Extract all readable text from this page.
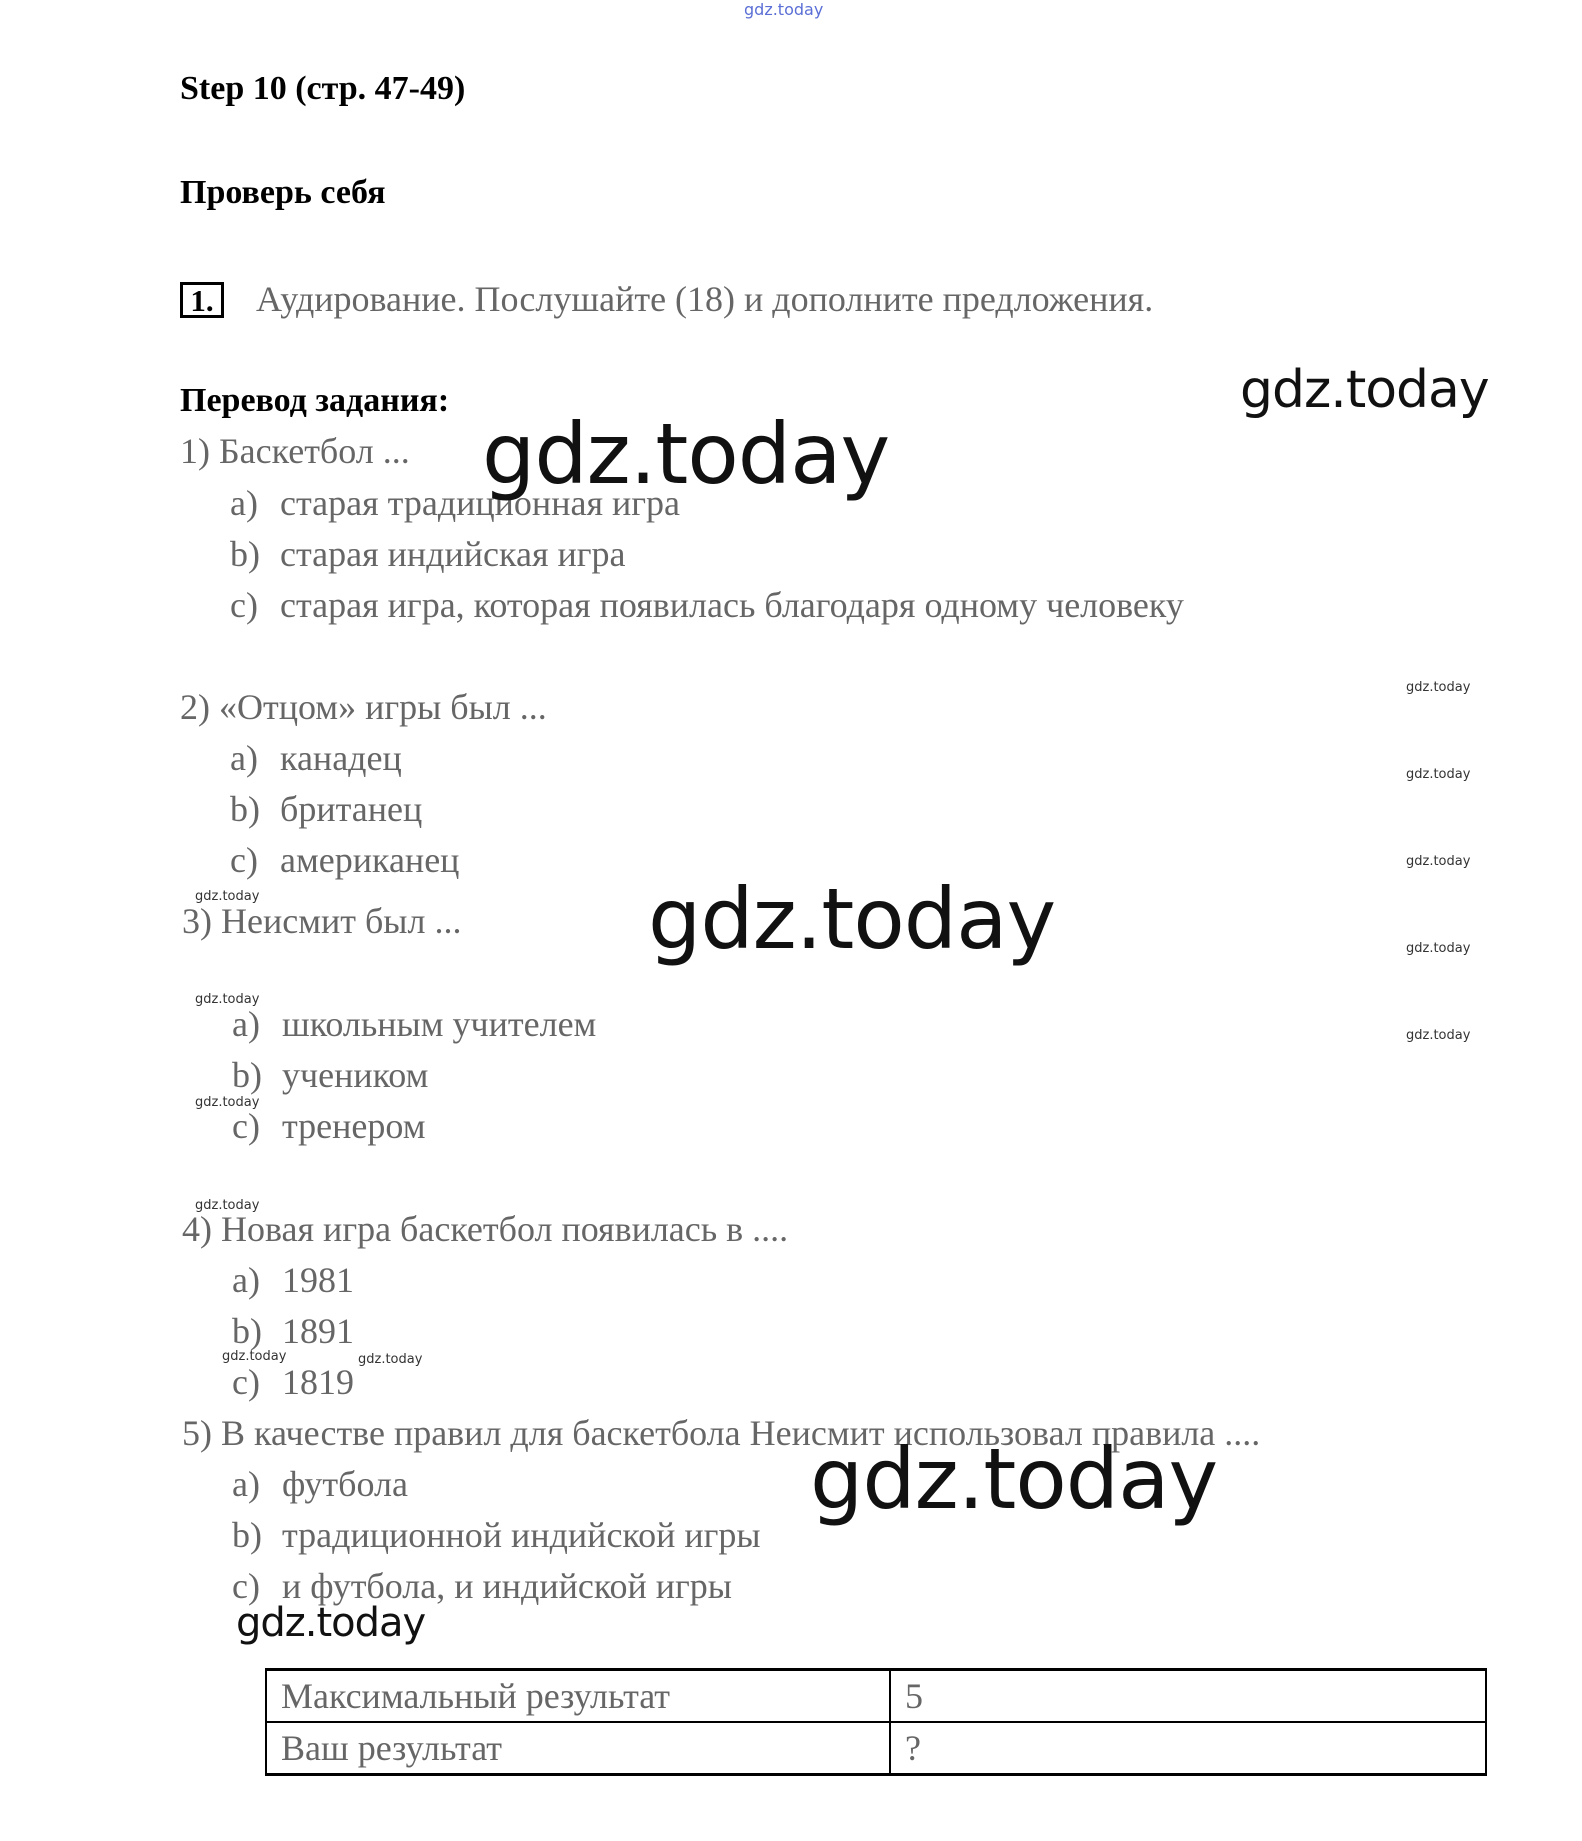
gdz.today
Step 10 (стр. 47-49)
Проверь себя
1. Аудирование. Послушайте (18) и дополните предложения.
Перевод задания:
1) Баскетбол ...
a) старая традиционная игра
b) старая индийская игра
c) старая игра, которая появилась благодаря одному человеку
2) «Отцом» игры был ...
a) канадец
b) британец
c) американец
3) Неисмит был ...
a) школьным учителем
b) учеником
c) тренером
4) Новая игра баскетбол появилась в ....
a) 1981
b) 1891
c) 1819
5) В качестве правил для баскетбола Неисмит использовал правила ....
a) футбола
b) традиционной индийской игры
c) и футбола, и индийской игры
Максимальный результат	5
Ваш результат	?
gdz.today
gdz.today
gdz.today
gdz.today
gdz.today
gdz.today
gdz.today
gdz.today
gdz.today
gdz.today
gdz.today
gdz.today
gdz.today
gdz.today
gdz.today	gdz.today
